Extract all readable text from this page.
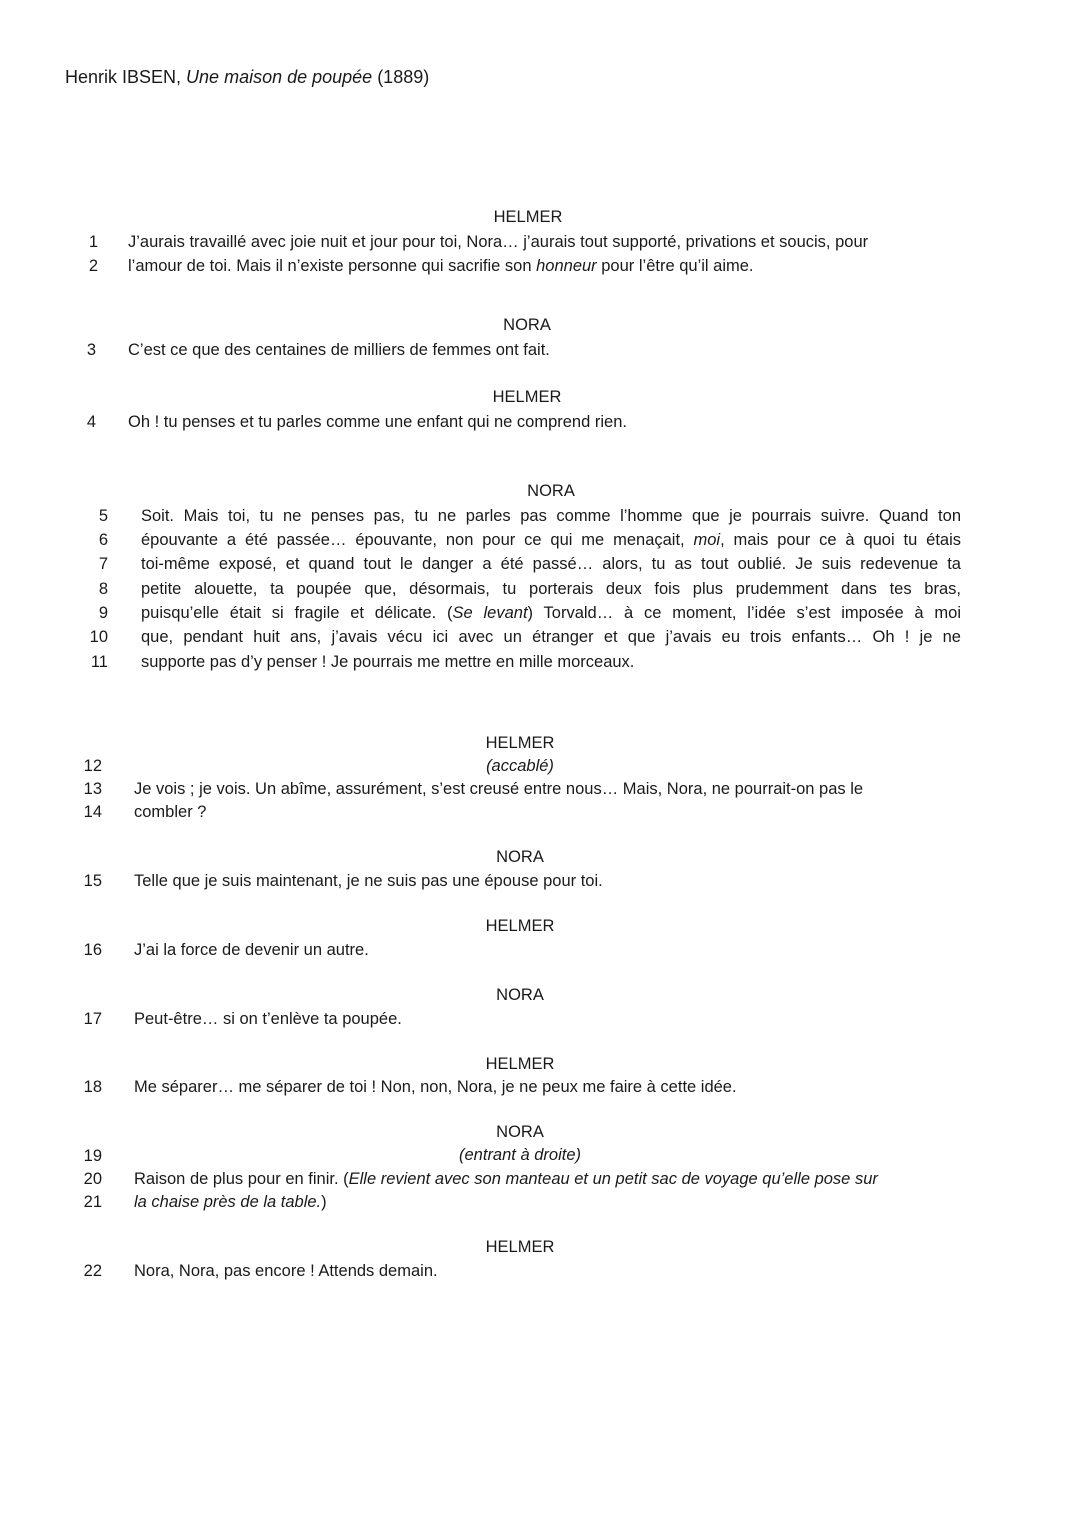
Henrik IBSEN, Une maison de poupée (1889)
HELMER
1 J’aurais travaillé avec joie nuit et jour pour toi, Nora… j’aurais tout supporté, privations et soucis, pour
2 l’amour de toi. Mais il n’existe personne qui sacrifie son honneur pour l’être qu’il aime.
NORA
3 C’est ce que des centaines de milliers de femmes ont fait.
HELMER
4 Oh ! tu penses et tu parles comme une enfant qui ne comprend rien.
NORA
5 Soit. Mais toi, tu ne penses pas, tu ne parles pas comme l’homme que je pourrais suivre. Quand ton
6 épouvante a été passée… épouvante, non pour ce qui me menaçait, moi, mais pour ce à quoi tu étais
7 toi-même exposé, et quand tout le danger a été passé… alors, tu as tout oublié. Je suis redevenue ta
8 petite alouette, ta poupée que, désormais, tu porterais deux fois plus prudemment dans tes bras,
9 puisqu’elle était si fragile et délicate. (Se levant) Torvald… à ce moment, l’idée s’est imposée à moi
10 que, pendant huit ans, j’avais vécu ici avec un étranger et que j’avais eu trois enfants… Oh ! je ne
11 supporte pas d’y penser ! Je pourrais me mettre en mille morceaux.
HELMER
12	(accablé)
13 Je vois ; je vois. Un abîme, assurément, s’est creusé entre nous… Mais, Nora, ne pourrait-on pas le
14 combler ?
NORA
15 Telle que je suis maintenant, je ne suis pas une épouse pour toi.
HELMER
16 J’ai la force de devenir un autre.
NORA
17 Peut-être… si on t’enlève ta poupée.
HELMER
18 Me séparer… me séparer de toi ! Non, non, Nora, je ne peux me faire à cette idée.
NORA
19	(entrant à droite)
20 Raison de plus pour en finir. (Elle revient avec son manteau et un petit sac de voyage qu’elle pose sur
21 la chaise près de la table.)
HELMER
22 Nora, Nora, pas encore ! Attends demain.
